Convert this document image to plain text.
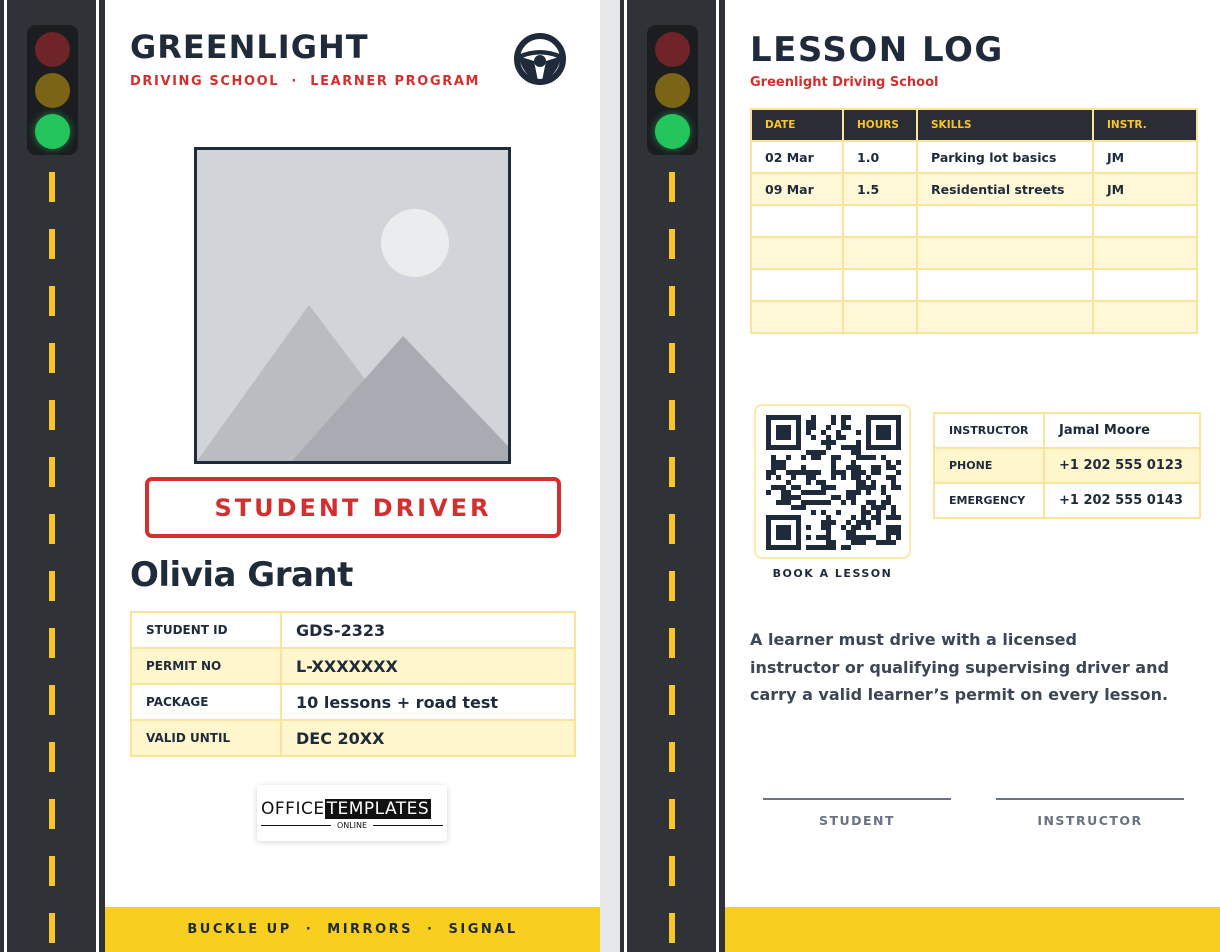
GREENLIGHT
DRIVING SCHOOL  ·  LEARNER PROGRAM
STUDENT DRIVER
Olivia Grant
STUDENT ID	GDS-2323
PERMIT NO	L-XXXXXXX
PACKAGE	10 lessons + road test
VALID UNTIL	DEC 20XX
OFFICE TEMPLATES
ONLINE
BUCKLE UP  ·  MIRRORS  ·  SIGNAL
LESSON LOG
Greenlight Driving School
DATE	HOURS	SKILLS	INSTR.
02 Mar	1.0	Parking lot basics	JM
09 Mar	1.5	Residential streets	JM

BOOK A LESSON
INSTRUCTOR	Jamal Moore
PHONE	+1 202 555 0123
EMERGENCY	+1 202 555 0143
A learner must drive with a licensed instructor or qualifying supervising driver and carry a valid learner’s permit on every lesson.
STUDENT	INSTRUCTOR
